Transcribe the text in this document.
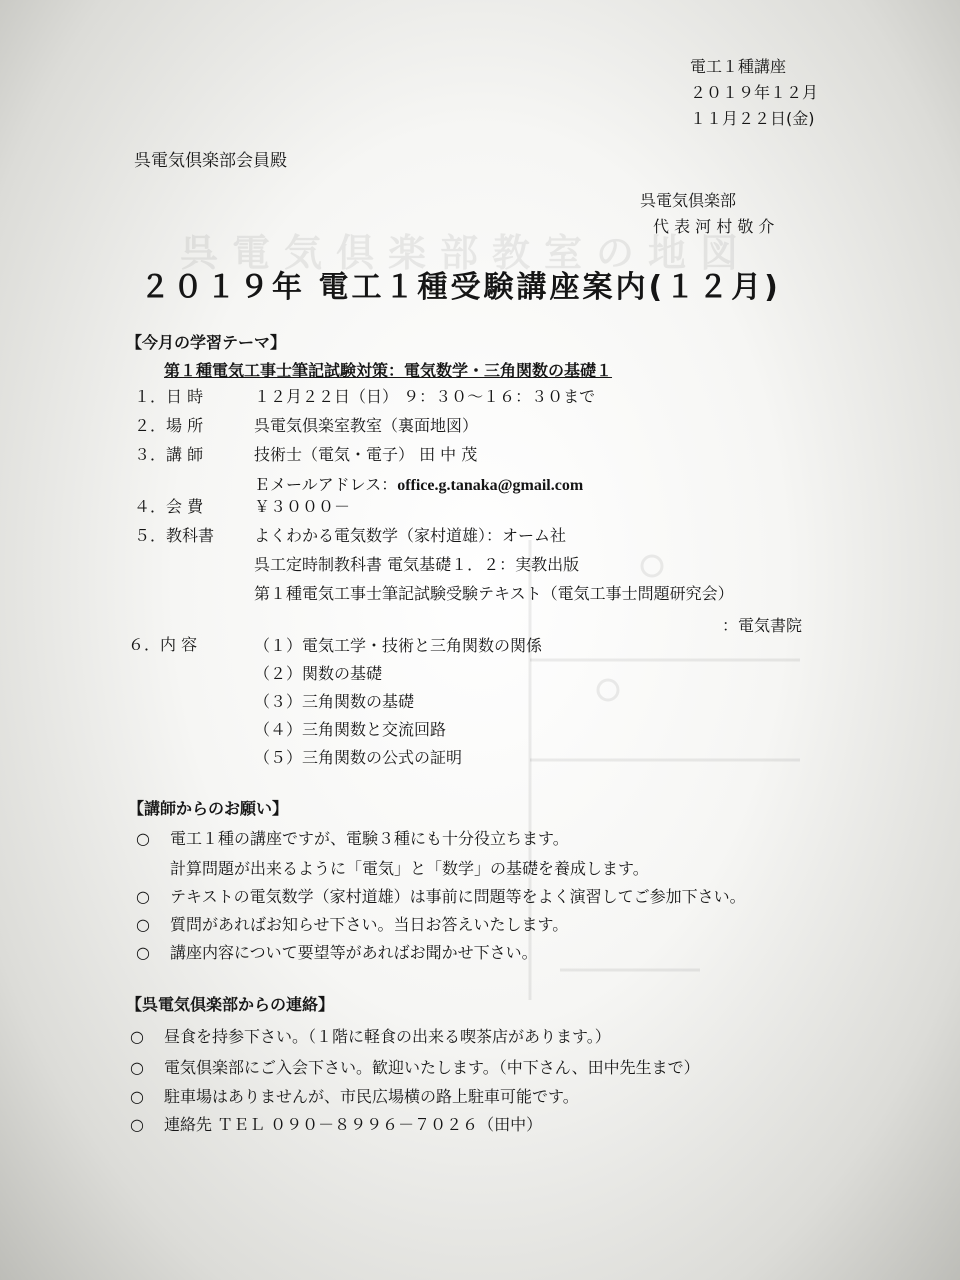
呉電気倶楽部教室の地図
電工１種講座
２０１９年１２月
１１月２２日(金)
呉電気倶楽部会員殿
呉電気倶楽部
代 表 河 村 敬 介
２０１９年 電工１種受験講座案内(１２月)
【今月の学習テーマ】
第１種電気工事士筆記試験対策：電気数学・三角関数の基礎１
１．日 時	１２月２２日（日） ９：３０～１６：３０まで
２．場 所	呉電気倶楽室教室（裏面地図）
３．講 師	技術士（電気・電子） 田 中 茂
Ｅメールアドレス：office.g.tanaka@gmail.com
４．会 費	￥３０００－
５．教科書 よくわかる電気数学（家村道雄）：オーム社
呉工定時制教科書 電気基礎１．２：実教出版
第１種電気工事士筆記試験受験テキスト（電気工事士問題研究会）
：電気書院
６．内 容	（１）電気工学・技術と三角関数の関係
（２）関数の基礎
（３）三角関数の基礎
（４）三角関数と交流回路
（５）三角関数の公式の証明
【講師からのお願い】
○ 電工１種の講座ですが、電験３種にも十分役立ちます。
計算問題が出来るように「電気」と「数学」の基礎を養成します。
○ テキストの電気数学（家村道雄）は事前に問題等をよく演習してご参加下さい。
○ 質問があればお知らせ下さい。当日お答えいたします。
○ 講座内容について要望等があればお聞かせ下さい。
【呉電気倶楽部からの連絡】
○ 昼食を持参下さい。（１階に軽食の出来る喫茶店があります。）
○ 電気倶楽部にご入会下さい。歓迎いたします。（中下さん、田中先生まで）
○ 駐車場はありませんが、市民広場横の路上駐車可能です。
○ 連絡先 ＴＥＬ ０９０－８９９６－７０２６（田中）
